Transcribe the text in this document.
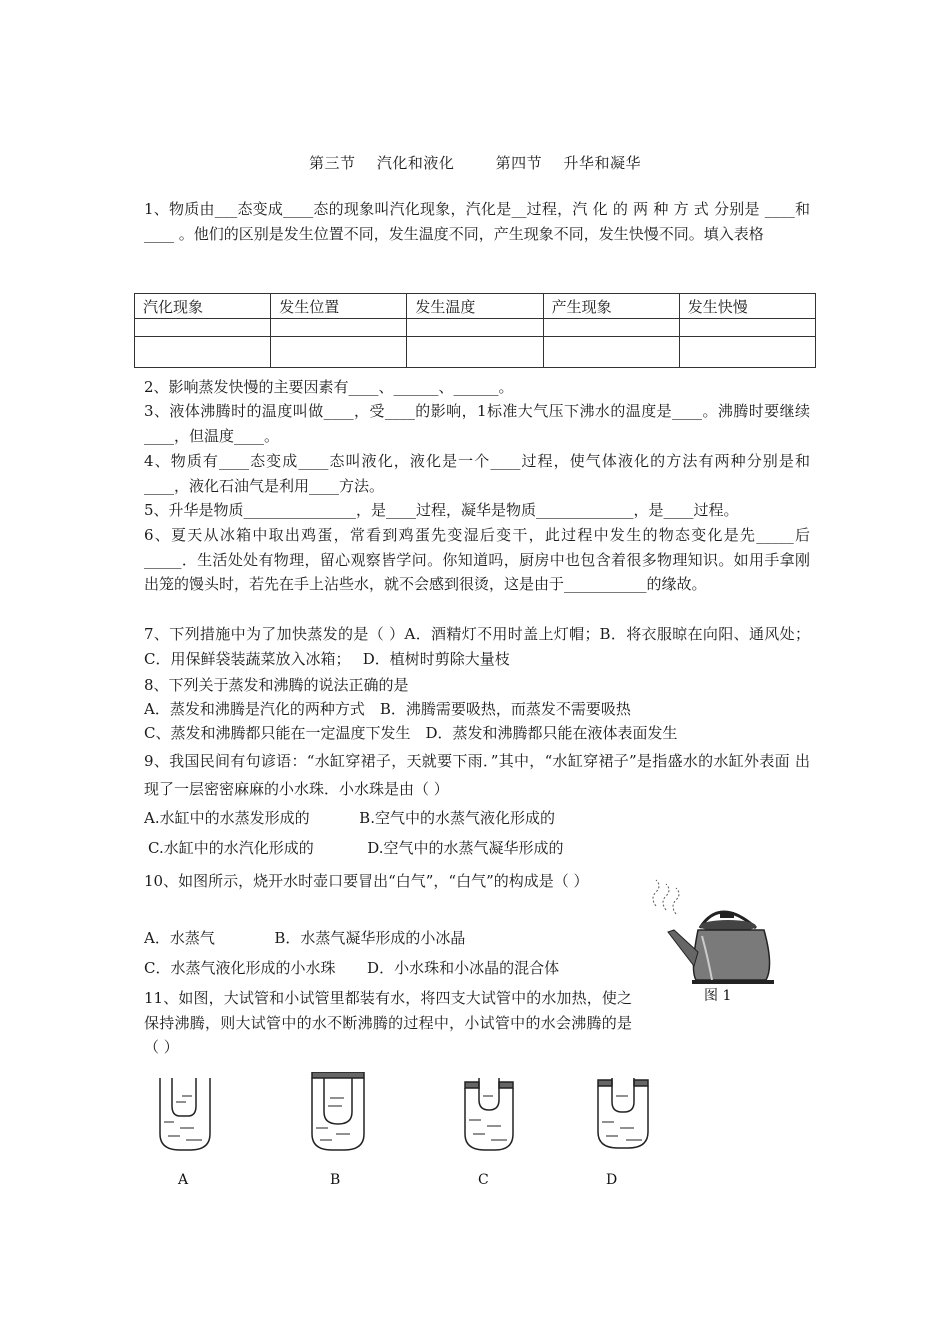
第三节 汽化和液化	第四节 升华和凝华
1、物质由___态变成____态的现象叫汽化现象，汽化是__过程，汽 化 的 两 种 方 式 分别是 ____和____ 。他们的区别是发生位置不同，发生温度不同，产生现象不同，发生快慢不同。填入表格
汽化现象	发生位置	发生温度	产生现象	发生快慢

2、影响蒸发快慢的主要因素有____、______、______。
3、液体沸腾时的温度叫做____，受____的影响，1标准大气压下沸水的温度是____。沸腾时要继续____，但温度____。
4、物质有____态变成____态叫液化，液化是一个____过程，使气体液化的方法有两种分别是和____，液化石油气是利用____方法。
5、升华是物质_______________，是____过程，凝华是物质_____________，是____过程。
6、夏天从冰箱中取出鸡蛋，常看到鸡蛋先变湿后变干，此过程中发生的物态变化是先_____后_____．生活处处有物理，留心观察皆学问。你知道吗，厨房中也包含着很多物理知识。如用手拿刚出笼的馒头时，若先在手上沾些水，就不会感到很烫，这是由于___________的缘故。
7、下列措施中为了加快蒸发的是（ ）A．酒精灯不用时盖上灯帽；B．将衣服晾在向阳、通风处；C．用保鲜袋装蔬菜放入冰箱；　 D．植树时剪除大量枝
8、下列关于蒸发和沸腾的说法正确的是
A．蒸发和沸腾是汽化的两种方式　B．沸腾需要吸热，而蒸发不需要吸热
C、蒸发和沸腾都只能在一定温度下发生　D．蒸发和沸腾都只能在液体表面发生
9、我国民间有句谚语：“水缸穿裙子，天就要下雨．”其中，“水缸穿裙子”是指盛水的水缸外表面 出现了一层密密麻麻的小水珠．小水珠是由（ ）
A.水缸中的水蒸发形成的	B.空气中的水蒸气液化形成的
C.水缸中的水汽化形成的	D.空气中的水蒸气凝华形成的
10、如图所示，烧开水时壶口要冒出“白气”，“白气”的构成是（ ）
A．水蒸气	B．水蒸气凝华形成的小冰晶
C．水蒸气液化形成的小水珠 D．小水珠和小冰晶的混合体
图 1
11、如图，大试管和小试管里都装有水，将四支大试管中的水加热，使之保持沸腾，则大试管中的水不断沸腾的过程中，小试管中的水会沸腾的是（ ）
A	B	C	D
